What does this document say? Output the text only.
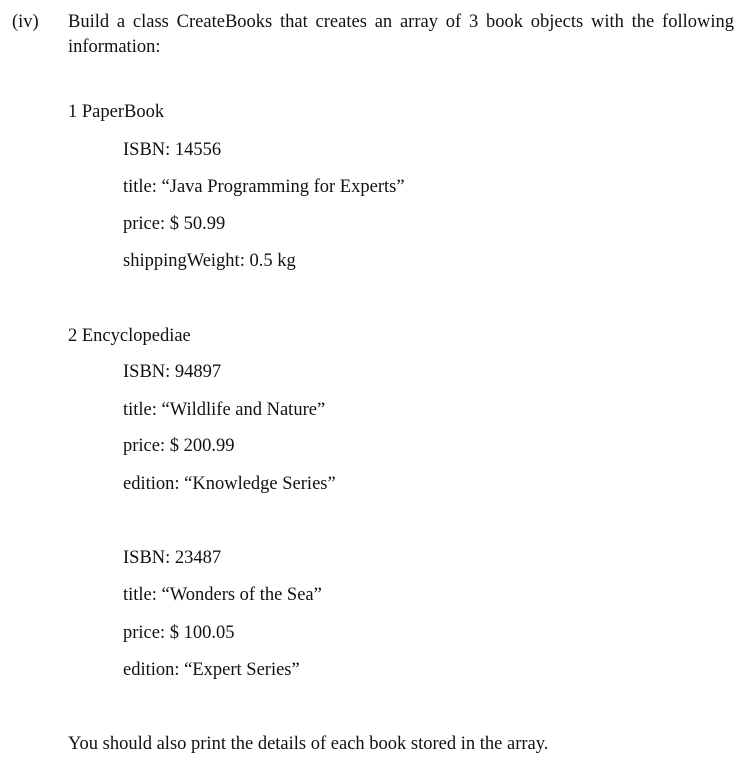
(iv) Build a class CreateBooks that creates an array of 3 book objects with the following information:
1 PaperBook
ISBN: 14556
title: “Java Programming for Experts”
price: $ 50.99
shippingWeight: 0.5 kg
2 Encyclopediae
ISBN: 94897
title: “Wildlife and Nature”
price: $ 200.99
edition: “Knowledge Series”
ISBN: 23487
title: “Wonders of the Sea”
price: $ 100.05
edition: “Expert Series”
You should also print the details of each book stored in the array.
